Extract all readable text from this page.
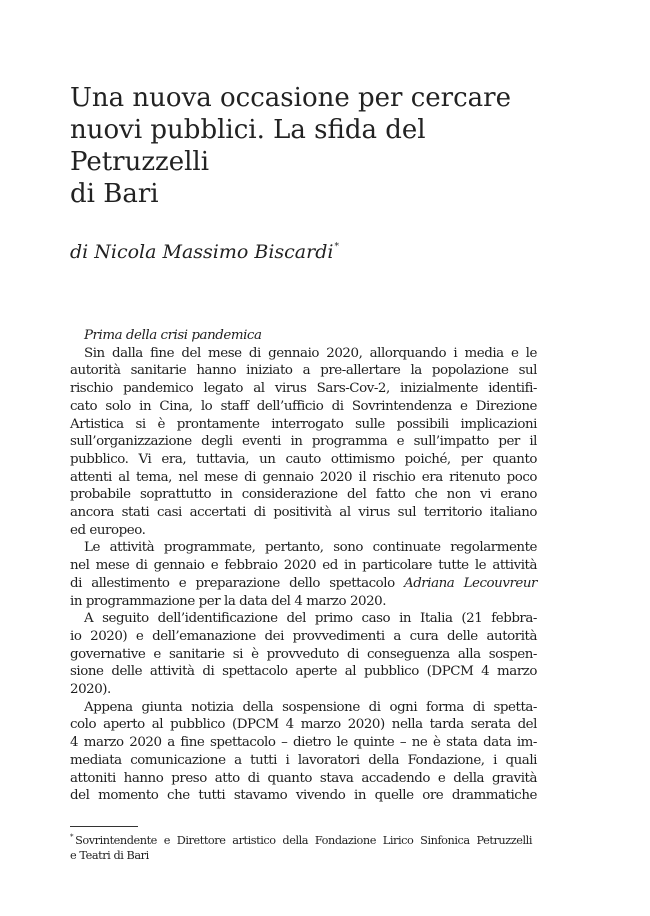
Una nuova occasione per cercare
nuovi pubblici. La sfida del Petruzzelli
di Bari

di Nicola Massimo Biscardi*

Prima della crisi pandemica
Sin dalla fine del mese di gennaio 2020, allorquando i media e le
autorità sanitarie hanno iniziato a pre-allertare la popolazione sul
rischio pandemico legato al virus Sars-Cov-2, inizialmente identifi-
cato solo in Cina, lo staff dell’ufficio di Sovrintendenza e Direzione
Artistica si è prontamente interrogato sulle possibili implicazioni
sull’organizzazione degli eventi in programma e sull’impatto per il
pubblico. Vi era, tuttavia, un cauto ottimismo poiché, per quanto
attenti al tema, nel mese di gennaio 2020 il rischio era ritenuto poco
probabile soprattutto in considerazione del fatto che non vi erano
ancora stati casi accertati di positività al virus sul territorio italiano
ed europeo.
Le attività programmate, pertanto, sono continuate regolarmente
nel mese di gennaio e febbraio 2020 ed in particolare tutte le attività
di allestimento e preparazione dello spettacolo Adriana Lecouvreur
in programmazione per la data del 4 marzo 2020.
A seguito dell’identificazione del primo caso in Italia (21 febbra-
io 2020) e dell’emanazione dei provvedimenti a cura delle autorità
governative e sanitarie si è provveduto di conseguenza alla sospen-
sione delle attività di spettacolo aperte al pubblico (DPCM 4 marzo
2020).
Appena giunta notizia della sospensione di ogni forma di spetta-
colo aperto al pubblico (DPCM 4 marzo 2020) nella tarda serata del
4 marzo 2020 a fine spettacolo – dietro le quinte – ne è stata data im-
mediata comunicazione a tutti i lavoratori della Fondazione, i quali
attoniti hanno preso atto di quanto stava accadendo e della gravità
del momento che tutti stavamo vivendo in quelle ore drammatiche
* Sovrintendente e Direttore artistico della Fondazione Lirico Sinfonica Petruzzelli
e Teatri di Bari
